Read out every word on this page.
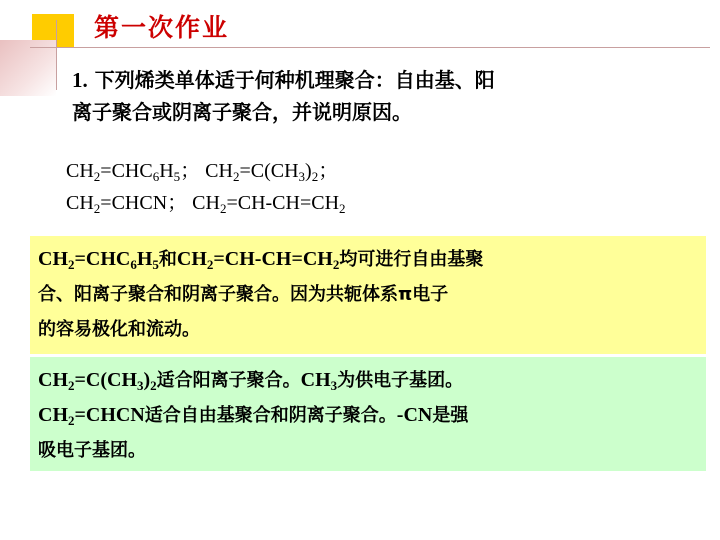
第一次作业
1. 下列烯类单体适于何种机理聚合：自由基、阳
离子聚合或阴离子聚合，并说明原因。
$CH_2=CHC_6H_5$； $CH_2=C(CH_3)_2$；
$CH_2=CHCN$； $CH_2=CH-CH=CH_2$
$CH_2=CHC_6H_5$和$CH_2=CH-CH=CH_2$均可进行自由基聚
合、阳离子聚合和阴离子聚合。因为共轭体系π电子
的容易极化和流动。
$CH_2=C(CH_3)_2$适合阳离子聚合。$CH_3$为供电子基团。
$CH_2=CHCN$适合自由基聚合和阴离子聚合。-CN是强
吸电子基团。
